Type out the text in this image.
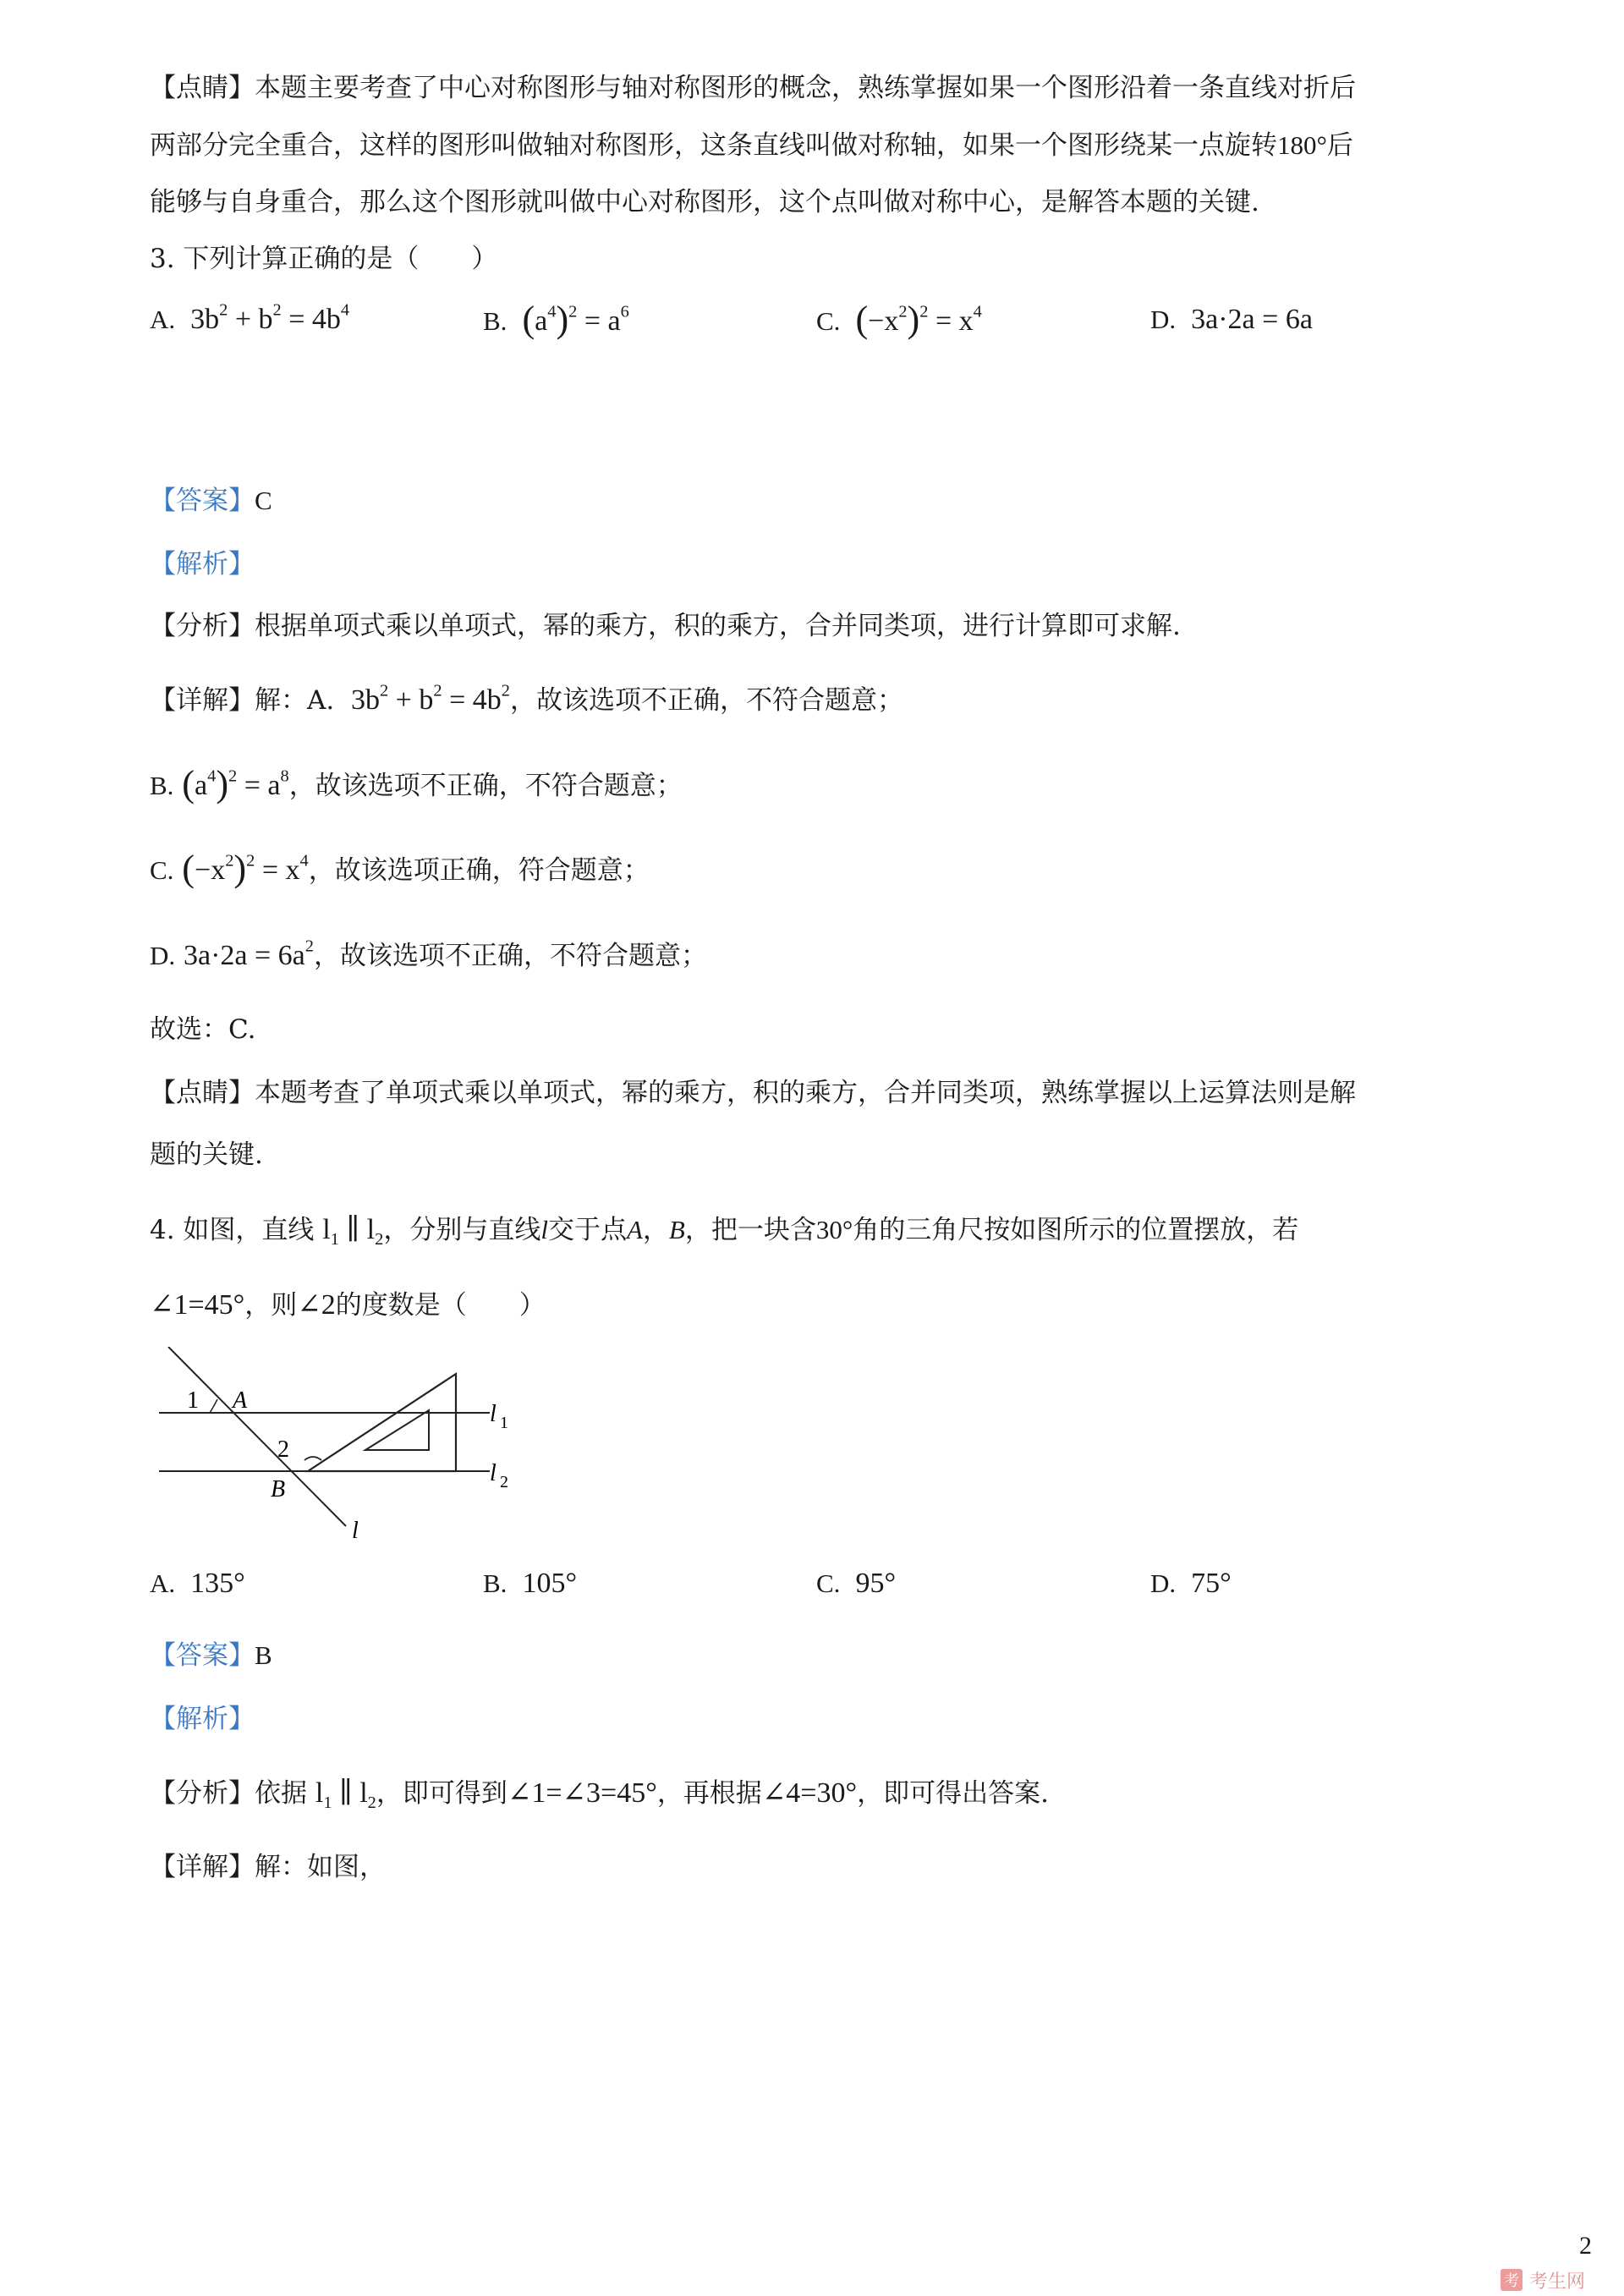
【点睛】本题主要考查了中心对称图形与轴对称图形的概念，熟练掌握如果一个图形沿着一条直线对折后
两部分完全重合，这样的图形叫做轴对称图形，这条直线叫做对称轴，如果一个图形绕某一点旋转180°后
能够与自身重合，那么这个图形就叫做中心对称图形，这个点叫做对称中心，是解答本题的关键.
3. 下列计算正确的是（　　）
A. $3b^2 + b^2 = 4b^4$	B. $(a^4)^2 = a^6$	C. $(-x^2)^2 = x^4$	D. 3a·2a = 6a
【答案】C
【解析】
【分析】根据单项式乘以单项式，幂的乘方，积的乘方，合并同类项，进行计算即可求解.
【详解】解：A. $3b^2 + b^2 = 4b^2$，故该选项不正确，不符合题意；
B. $(a^4)^2 = a^8$，故该选项不正确，不符合题意；
C. $(-x^2)^2 = x^4$，故该选项正确，符合题意；
D. $3a\cdot 2a = 6a^2$，故该选项不正确，不符合题意；
故选：C.
【点睛】本题考查了单项式乘以单项式，幂的乘方，积的乘方，合并同类项，熟练掌握以上运算法则是解
题的关键.
4. 如图，直线 $l_1$ ∥ $l_2$，分别与直线l交于点A，B，把一块含30°角的三角尺按如图所示的位置摆放，若
∠1=45°，则∠2的度数是（　　）
1 A
2
B
l
l 1
l 2
A. 135°	B. 105°	C. 95°	D. 75°
【答案】B
【解析】
【分析】依据 $l_1$ ∥ $l_2$，即可得到∠1=∠3=45°，再根据∠4=30°，即可得出答案.
【详解】解：如图，
2
考 考生网
